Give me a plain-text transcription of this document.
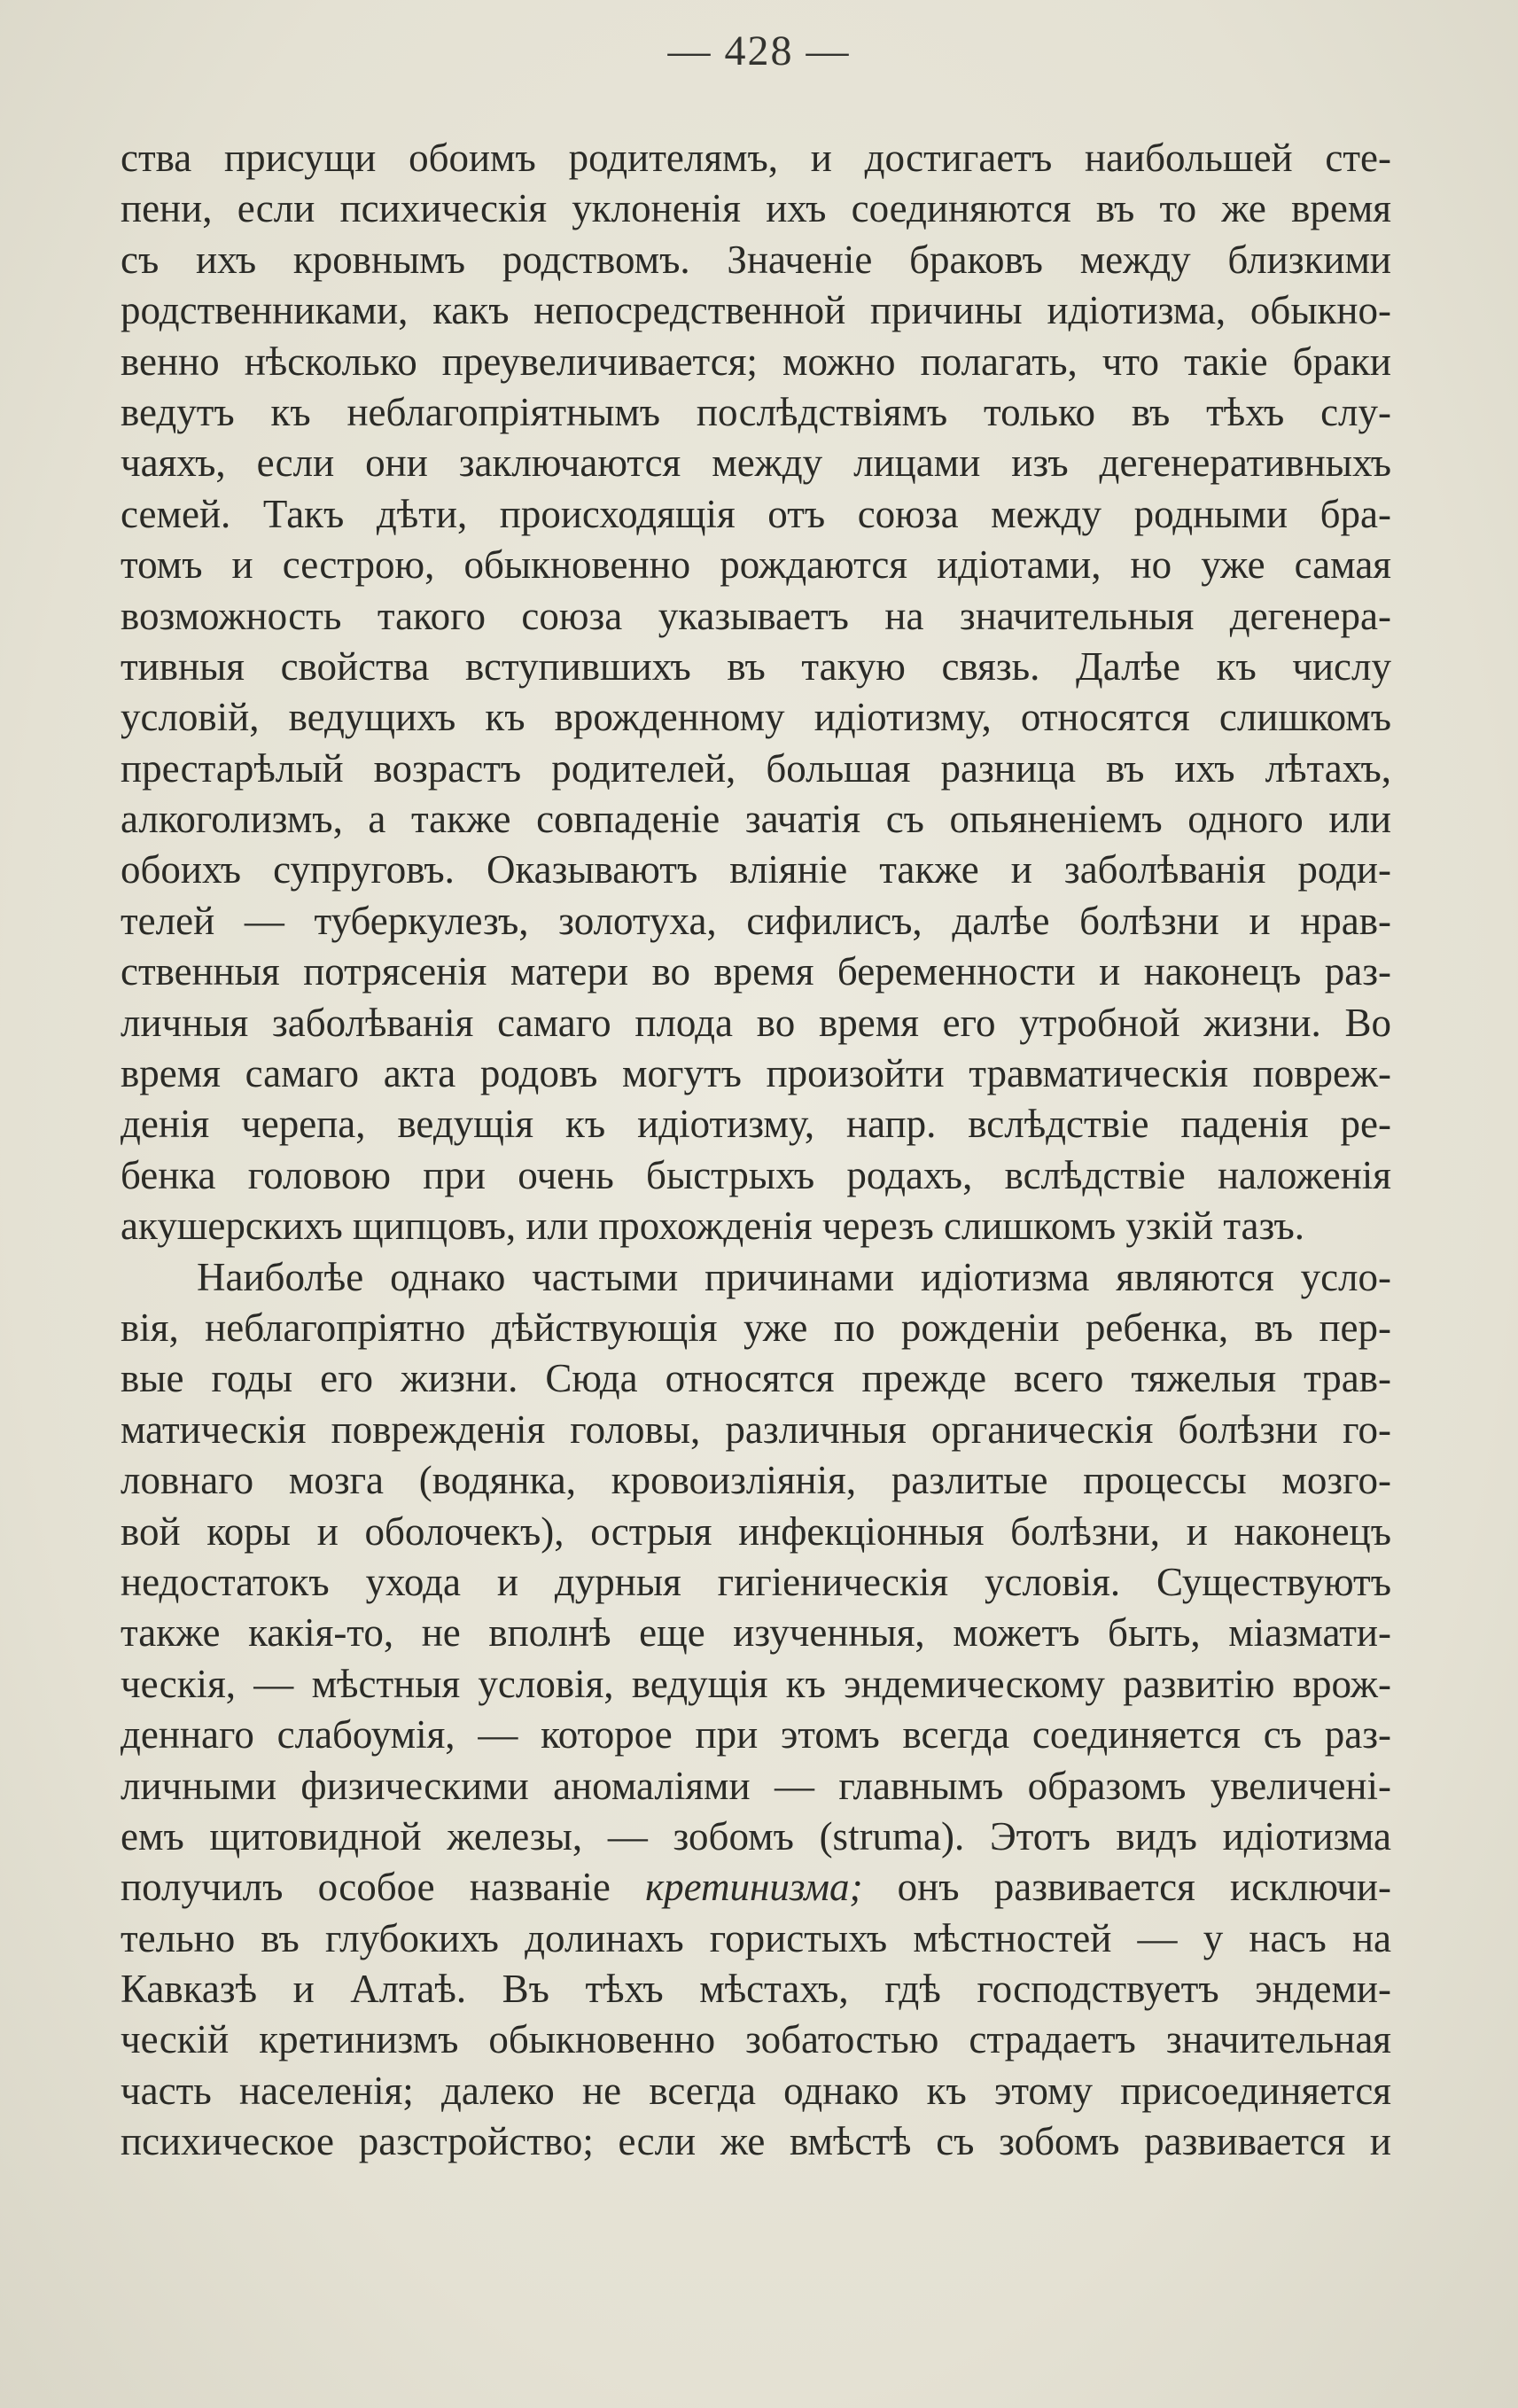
— 428 —
ства присущи обоимъ родителямъ, и достигаетъ наибольшей сте-
пени, если психическія уклоненія ихъ соединяются въ то же время
съ ихъ кровнымъ родствомъ. Значеніе браковъ между близкими
родственниками, какъ непосредственной причины идіотизма, обыкно-
венно нѣсколько преувеличивается; можно полагать, что такіе браки
ведутъ къ неблагопріятнымъ послѣдствіямъ только въ тѣхъ слу-
чаяхъ, если они заключаются между лицами изъ дегенеративныхъ
семей. Такъ дѣти, происходящія отъ союза между родными бра-
томъ и сестрою, обыкновенно рождаются идіотами, но уже самая
возможность такого союза указываетъ на значительныя дегенера-
тивныя свойства вступившихъ въ такую связь. Далѣе къ числу
условій, ведущихъ къ врожденному идіотизму, относятся слишкомъ
престарѣлый возрастъ родителей, большая разница въ ихъ лѣтахъ,
алкоголизмъ, а также совпаденіе зачатія съ опьяненіемъ одного или
обоихъ супруговъ. Оказываютъ вліяніе также и заболѣванія роди-
телей — туберкулезъ, золотуха, сифилисъ, далѣе болѣзни и нрав-
ственныя потрясенія матери во время беременности и наконецъ раз-
личныя заболѣванія самаго плода во время его утробной жизни. Во
время самаго акта родовъ могутъ произойти травматическія повреж-
денія черепа, ведущія къ идіотизму, напр. вслѣдствіе паденія ре-
бенка головою при очень быстрыхъ родахъ, вслѣдствіе наложенія
акушерскихъ щипцовъ, или прохожденія черезъ слишкомъ узкій тазъ.
Наиболѣе однако частыми причинами идіотизма являются усло-
вія, неблагопріятно дѣйствующія уже по рожденіи ребенка, въ пер-
вые годы его жизни. Сюда относятся прежде всего тяжелыя трав-
матическія поврежденія головы, различныя органическія болѣзни го-
ловнаго мозга (водянка, кровоизліянія, разлитые процессы мозго-
вой коры и оболочекъ), острыя инфекціонныя болѣзни, и наконецъ
недостатокъ ухода и дурныя гигіеническія условія. Существуютъ
также какія-то, не вполнѣ еще изученныя, можетъ быть, міазмати-
ческія, — мѣстныя условія, ведущія къ эндемическому развитію врож-
деннаго слабоумія, — которое при этомъ всегда соединяется съ раз-
личными физическими аномаліями — главнымъ образомъ увеличені-
емъ щитовидной железы, — зобомъ (struma). Этотъ видъ идіотизма
получилъ особое названіе кретинизма; онъ развивается исключи-
тельно въ глубокихъ долинахъ гористыхъ мѣстностей — у насъ на
Кавказѣ и Алтаѣ. Въ тѣхъ мѣстахъ, гдѣ господствуетъ эндеми-
ческій кретинизмъ обыкновенно зобатостью страдаетъ значительная
часть населенія; далеко не всегда однако къ этому присоединяется
психическое разстройство; если же вмѣстѣ съ зобомъ развивается и
